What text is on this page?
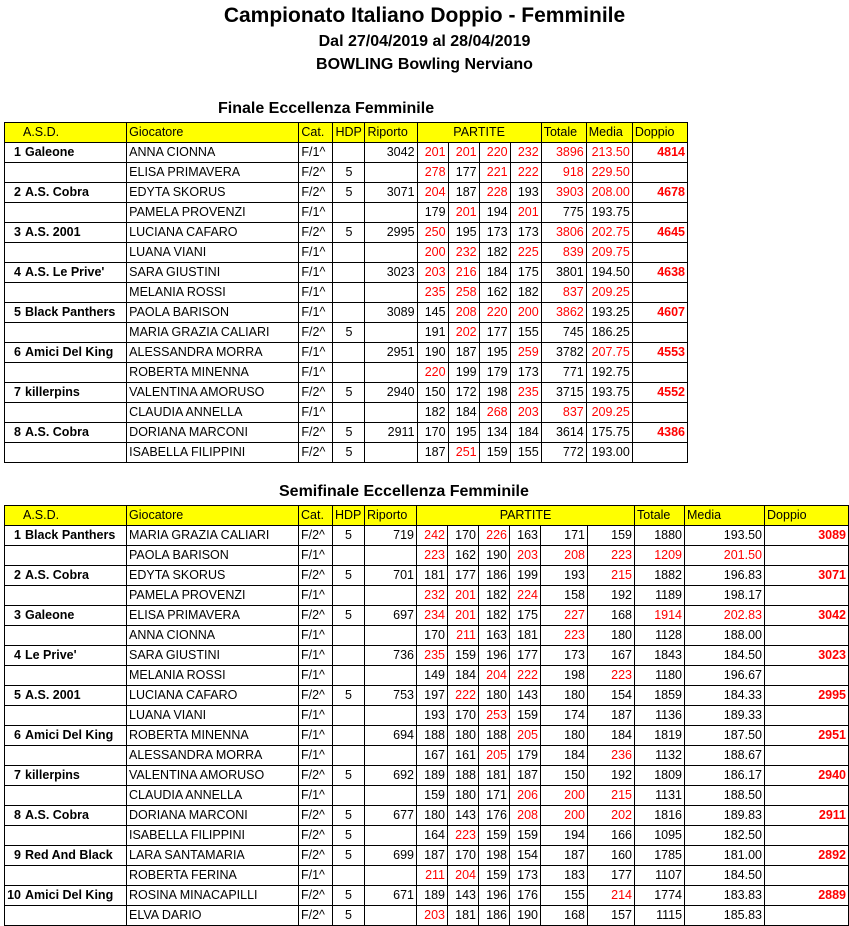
Campionato Italiano Doppio - Femminile
Dal 27/04/2019 al 28/04/2019
BOWLING Bowling Nerviano
Finale Eccellenza Femminile
A.S.D.	Giocatore	Cat.	HDP	Riporto	PARTITE				Totale	Media	Doppio
1 Galeone	ANNA CIONNA	F/1^		3042	201	201	220	232	3896	213.50	4814
	ELISA PRIMAVERA	F/2^	5		278	177	221	222	918	229.50	
2 A.S. Cobra	EDYTA SKORUS	F/2^	5	3071	204	187	228	193	3903	208.00	4678
	PAMELA PROVENZI	F/1^			179	201	194	201	775	193.75	
3 A.S. 2001	LUCIANA CAFARO	F/2^	5	2995	250	195	173	173	3806	202.75	4645
	LUANA VIANI	F/1^			200	232	182	225	839	209.75	
4 A.S. Le Prive'	SARA GIUSTINI	F/1^		3023	203	216	184	175	3801	194.50	4638
	MELANIA ROSSI	F/1^			235	258	162	182	837	209.25	
5 Black Panthers	PAOLA BARISON	F/1^		3089	145	208	220	200	3862	193.25	4607
	MARIA GRAZIA CALIARI	F/2^	5		191	202	177	155	745	186.25	
6 Amici Del King	ALESSANDRA MORRA	F/1^		2951	190	187	195	259	3782	207.75	4553
	ROBERTA MINENNA	F/1^			220	199	179	173	771	192.75	
7 killerpins	VALENTINA AMORUSO	F/2^	5	2940	150	172	198	235	3715	193.75	4552
	CLAUDIA ANNELLA	F/1^			182	184	268	203	837	209.25	
8 A.S. Cobra	DORIANA MARCONI	F/2^	5	2911	170	195	134	184	3614	175.75	4386
	ISABELLA FILIPPINI	F/2^	5		187	251	159	155	772	193.00	
Semifinale Eccellenza Femminile
A.S.D.	Giocatore	Cat.	HDP	Riporto	PARTITE						Totale	Media	Doppio
1 Black Panthers	MARIA GRAZIA CALIARI	F/2^	5	719	242	170	226	163	171	159	1880	193.50	3089
	PAOLA BARISON	F/1^			223	162	190	203	208	223	1209	201.50	
2 A.S. Cobra	EDYTA SKORUS	F/2^	5	701	181	177	186	199	193	215	1882	196.83	3071
	PAMELA PROVENZI	F/1^			232	201	182	224	158	192	1189	198.17	
3 Galeone	ELISA PRIMAVERA	F/2^	5	697	234	201	182	175	227	168	1914	202.83	3042
	ANNA CIONNA	F/1^			170	211	163	181	223	180	1128	188.00	
4 Le Prive'	SARA GIUSTINI	F/1^		736	235	159	196	177	173	167	1843	184.50	3023
	MELANIA ROSSI	F/1^			149	184	204	222	198	223	1180	196.67	
5 A.S. 2001	LUCIANA CAFARO	F/2^	5	753	197	222	180	143	180	154	1859	184.33	2995
	LUANA VIANI	F/1^			193	170	253	159	174	187	1136	189.33	
6 Amici Del King	ROBERTA MINENNA	F/1^		694	188	180	188	205	180	184	1819	187.50	2951
	ALESSANDRA MORRA	F/1^			167	161	205	179	184	236	1132	188.67	
7 killerpins	VALENTINA AMORUSO	F/2^	5	692	189	188	181	187	150	192	1809	186.17	2940
	CLAUDIA ANNELLA	F/1^			159	180	171	206	200	215	1131	188.50	
8 A.S. Cobra	DORIANA MARCONI	F/2^	5	677	180	143	176	208	200	202	1816	189.83	2911
	ISABELLA FILIPPINI	F/2^	5		164	223	159	159	194	166	1095	182.50	
9 Red And Black	LARA SANTAMARIA	F/2^	5	699	187	170	198	154	187	160	1785	181.00	2892
	ROBERTA FERINA	F/1^			211	204	159	173	183	177	1107	184.50	
10 Amici Del King	ROSINA MINACAPILLI	F/2^	5	671	189	143	196	176	155	214	1774	183.83	2889
	ELVA DARIO	F/2^	5		203	181	186	190	168	157	1115	185.83	
